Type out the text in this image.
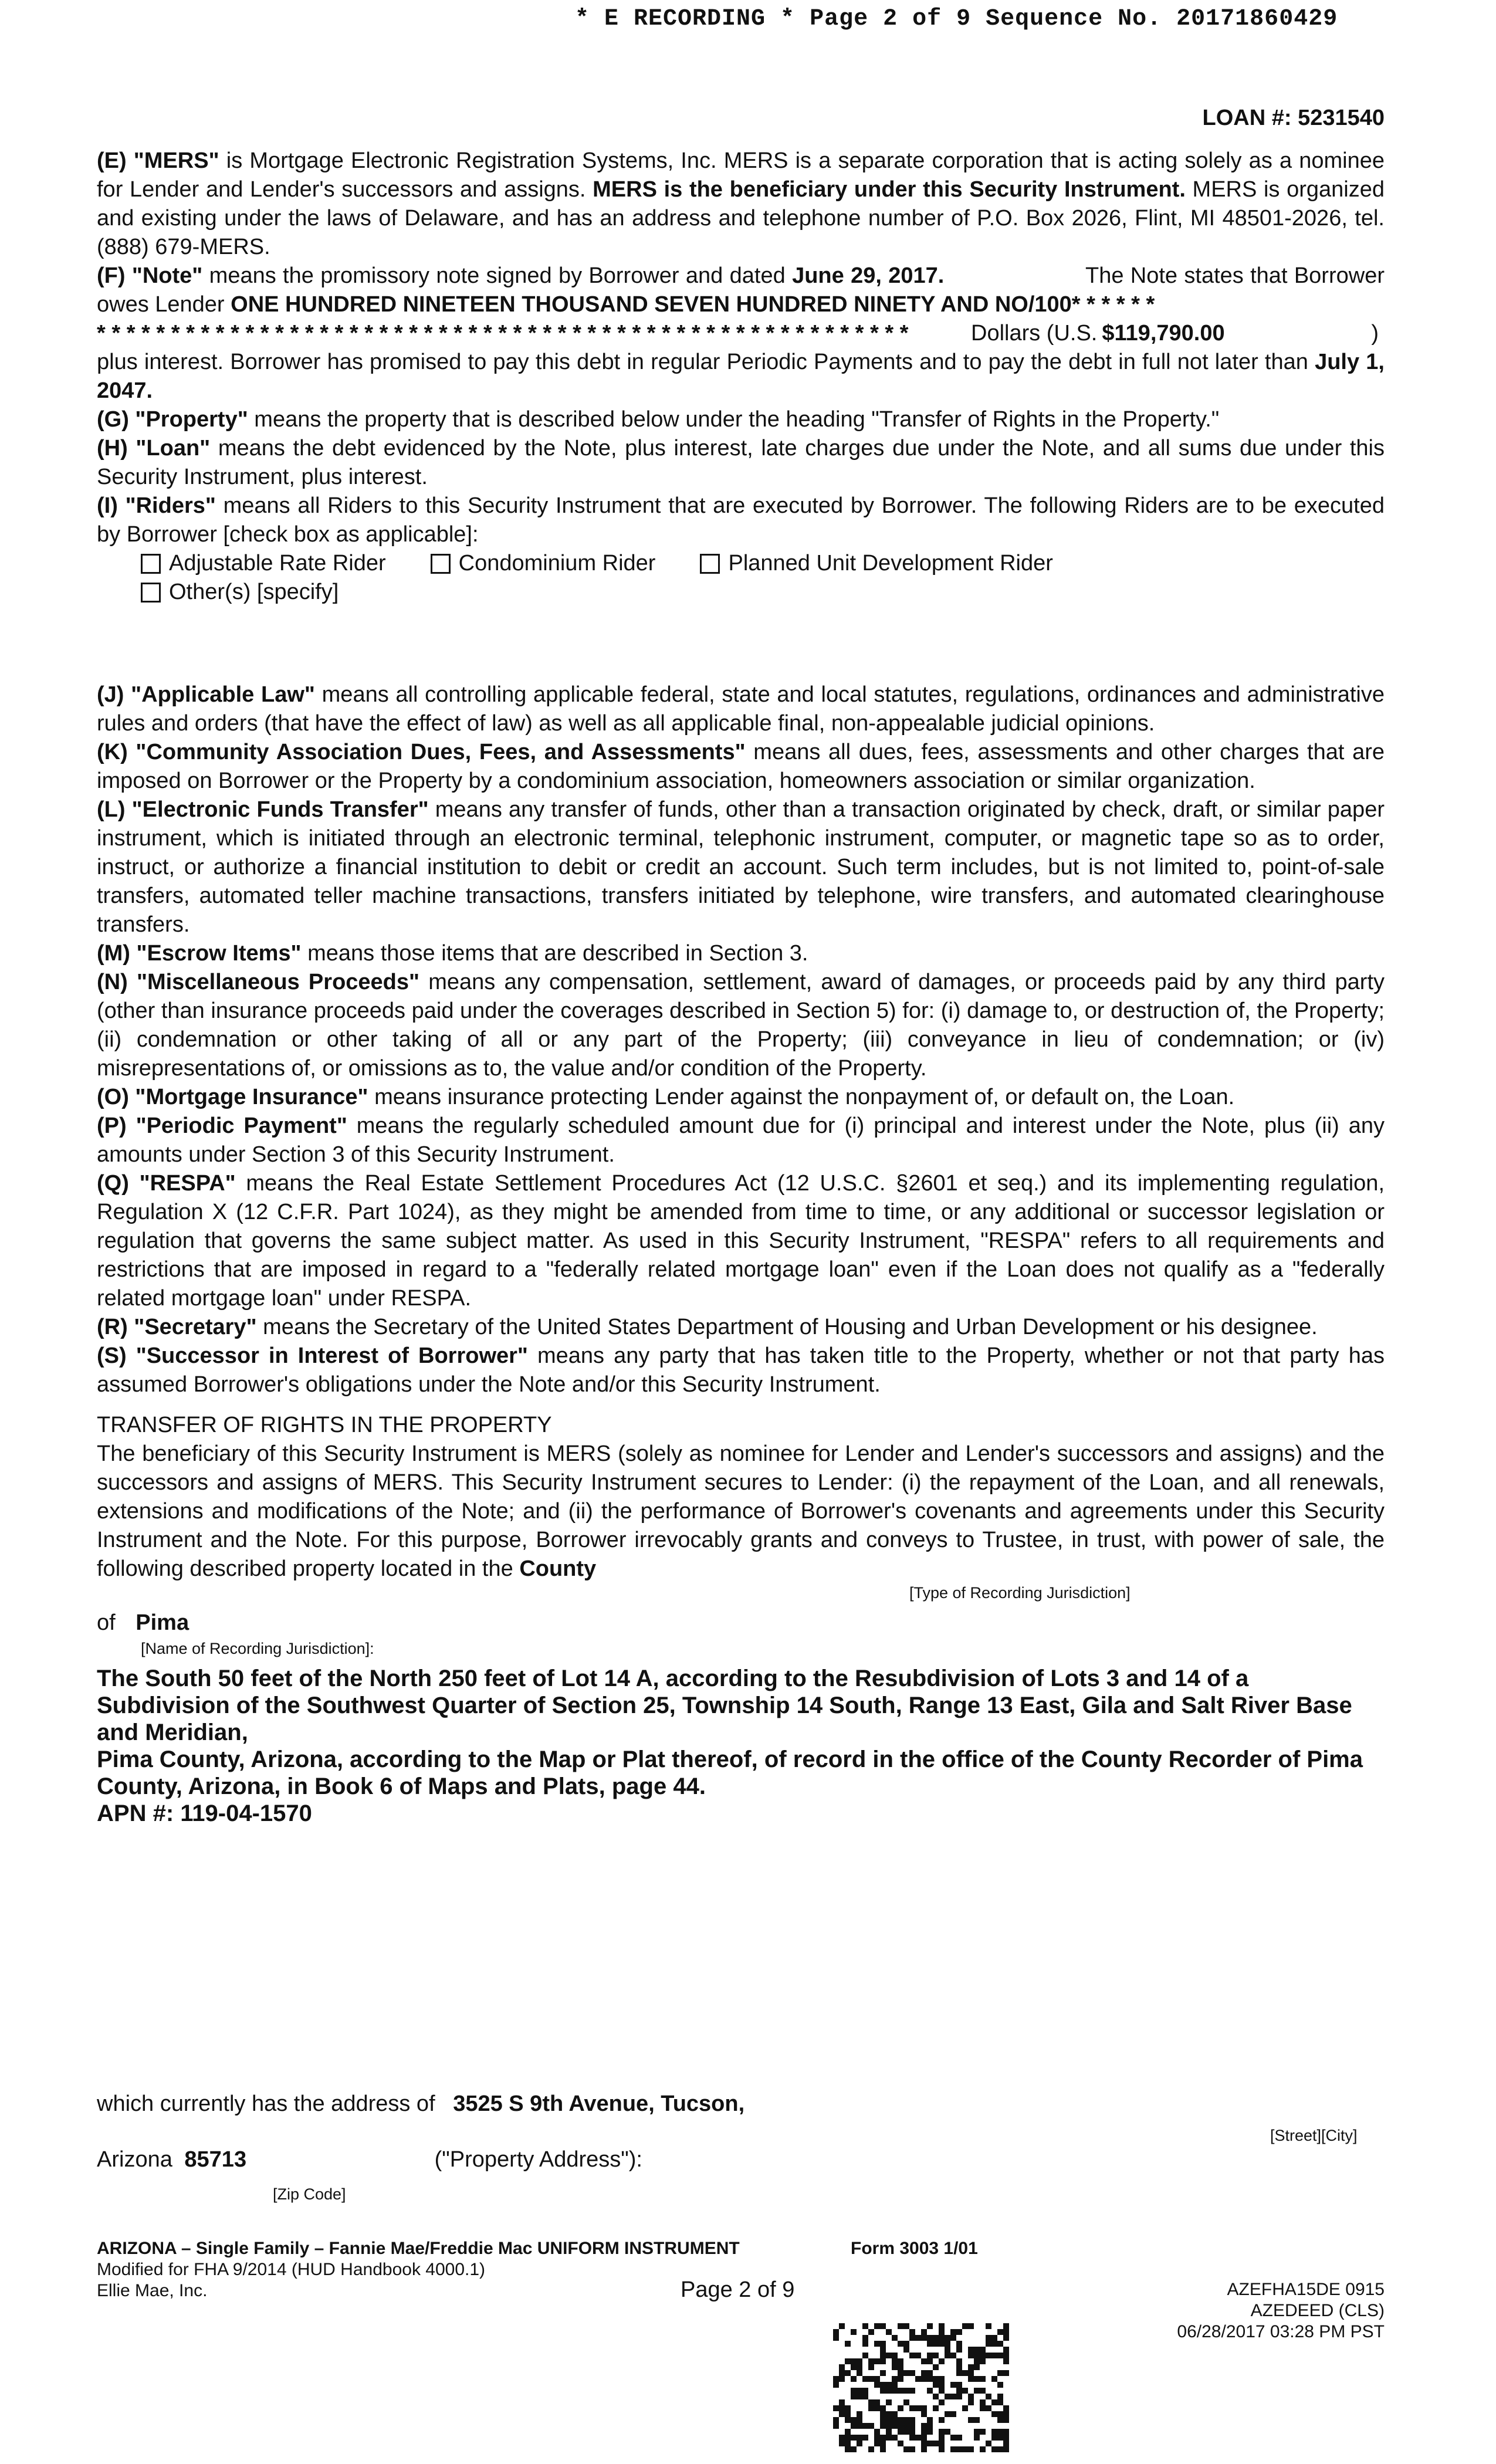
* E RECORDING * Page 2 of 9 Sequence No. 20171860429
LOAN #: 5231540

(E) "MERS" is Mortgage Electronic Registration Systems, Inc. MERS is a separate corporation that is acting solely as a nominee for Lender and Lender's successors and assigns. MERS is the beneficiary under this Security Instrument. MERS is organized and existing under the laws of Delaware, and has an address and telephone number of P.O. Box 2026, Flint, MI 48501-2026, tel. (888) 679-MERS.

(F) "Note" means the promissory note signed by Borrower and dated June 29, 2017.	The Note states that Borrower owes Lender ONE HUNDRED NINETEEN THOUSAND SEVEN HUNDRED NINETY AND NO/100* * * * * *

* * * * * * * * * * * * * * * * * * * * * * * * * * * * * * * * * * * * * * * * * * * * * * * * * * * * * * *	Dollars (U.S. $119,790.00	)

plus interest. Borrower has promised to pay this debt in regular Periodic Payments and to pay the debt in full not later than July 1, 2047.

(G) "Property" means the property that is described below under the heading "Transfer of Rights in the Property."

(H) "Loan" means the debt evidenced by the Note, plus interest, late charges due under the Note, and all sums due under this Security Instrument, plus interest.

(I) "Riders" means all Riders to this Security Instrument that are executed by Borrower. The following Riders are to be executed by Borrower [check box as applicable]:

Adjustable Rate Rider	Condominium Rider	Planned Unit Development Rider
Other(s) [specify]

(J) "Applicable Law" means all controlling applicable federal, state and local statutes, regulations, ordinances and administrative rules and orders (that have the effect of law) as well as all applicable final, non-appealable judicial opinions.

(K) "Community Association Dues, Fees, and Assessments" means all dues, fees, assessments and other charges that are imposed on Borrower or the Property by a condominium association, homeowners association or similar organization.

(L) "Electronic Funds Transfer" means any transfer of funds, other than a transaction originated by check, draft, or similar paper instrument, which is initiated through an electronic terminal, telephonic instrument, computer, or magnetic tape so as to order, instruct, or authorize a financial institution to debit or credit an account. Such term includes, but is not limited to, point-of-sale transfers, automated teller machine transactions, transfers initiated by telephone, wire transfers, and automated clearinghouse transfers.

(M) "Escrow Items" means those items that are described in Section 3.

(N) "Miscellaneous Proceeds" means any compensation, settlement, award of damages, or proceeds paid by any third party (other than insurance proceeds paid under the coverages described in Section 5) for: (i) damage to, or destruction of, the Property; (ii) condemnation or other taking of all or any part of the Property; (iii) conveyance in lieu of condemnation; or (iv) misrepresentations of, or omissions as to, the value and/or condition of the Property.

(O) "Mortgage Insurance" means insurance protecting Lender against the nonpayment of, or default on, the Loan.

(P) "Periodic Payment" means the regularly scheduled amount due for (i) principal and interest under the Note, plus (ii) any amounts under Section 3 of this Security Instrument.

(Q) "RESPA" means the Real Estate Settlement Procedures Act (12 U.S.C. §2601 et seq.) and its implementing regulation, Regulation X (12 C.F.R. Part 1024), as they might be amended from time to time, or any additional or successor legislation or regulation that governs the same subject matter. As used in this Security Instrument, "RESPA" refers to all requirements and restrictions that are imposed in regard to a "federally related mortgage loan" even if the Loan does not qualify as a "federally related mortgage loan" under RESPA.

(R) "Secretary" means the Secretary of the United States Department of Housing and Urban Development or his designee.

(S) "Successor in Interest of Borrower" means any party that has taken title to the Property, whether or not that party has assumed Borrower's obligations under the Note and/or this Security Instrument.

TRANSFER OF RIGHTS IN THE PROPERTY

The beneficiary of this Security Instrument is MERS (solely as nominee for Lender and Lender's successors and assigns) and the successors and assigns of MERS. This Security Instrument secures to Lender: (i) the repayment of the Loan, and all renewals, extensions and modifications of the Note; and (ii) the performance of Borrower's covenants and agreements under this Security Instrument and the Note. For this purpose, Borrower irrevocably grants and conveys to Trustee, in trust, with power of sale, the following described property located in the County

[Type of Recording Jurisdiction]
of Pima
[Name of Recording Jurisdiction]:
The South 50 feet of the North 250 feet of Lot 14 A, according to the Resubdivision of Lots 3 and 14 of a Subdivision of the Southwest Quarter of Section 25, Township 14 South, Range 13 East, Gila and Salt River Base and Meridian,
Pima County, Arizona, according to the Map or Plat thereof, of record in the office of the County Recorder of Pima
County, Arizona, in Book 6 of Maps and Plats, page 44.
APN #: 119-04-1570
which currently has the address of 3525 S 9th Avenue, Tucson,
[Street][City]
Arizona 85713	("Property Address"):
[Zip Code]
ARIZONA – Single Family – Fannie Mae/Freddie Mac UNIFORM INSTRUMENT
Modified for FHA 9/2014 (HUD Handbook 4000.1)
Ellie Mae, Inc.
Form 3003 1/01
Page 2 of 9	AZEFHA15DE 0915
AZEDEED (CLS)
06/28/2017 03:28 PM PST
